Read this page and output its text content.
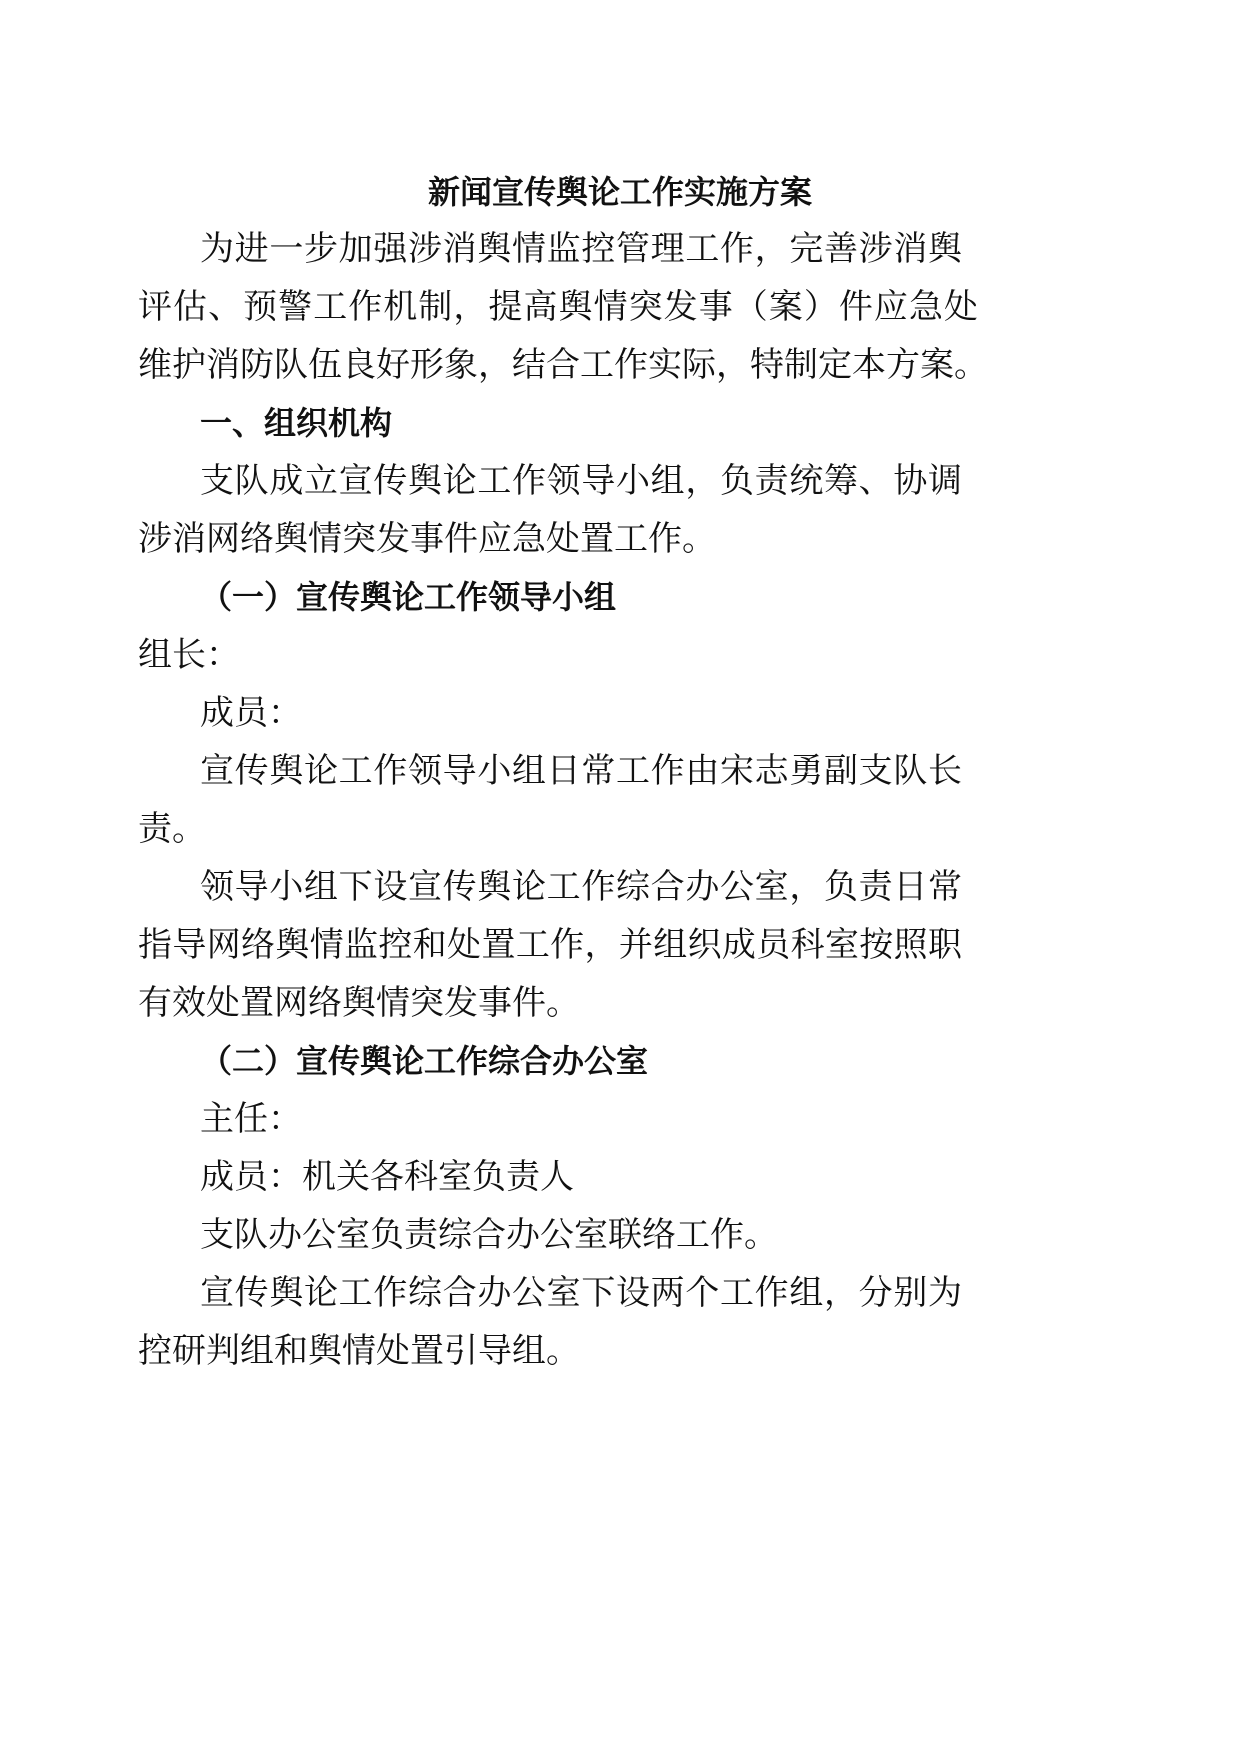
新闻宣传舆论工作实施方案
为进一步加强涉消舆情监控管理工作，完善涉消舆
评估、预警工作机制，提高舆情突发事（案）件应急处
维护消防队伍良好形象，结合工作实际，特制定本方案。
一、组织机构
支队成立宣传舆论工作领导小组，负责统筹、协调
涉消网络舆情突发事件应急处置工作。
（一）宣传舆论工作领导小组
组长：
成员：
宣传舆论工作领导小组日常工作由宋志勇副支队长
责。
领导小组下设宣传舆论工作综合办公室，负责日常
指导网络舆情监控和处置工作，并组织成员科室按照职
有效处置网络舆情突发事件。
（二）宣传舆论工作综合办公室
主任：
成员：机关各科室负责人
支队办公室负责综合办公室联络工作。
宣传舆论工作综合办公室下设两个工作组，分别为
控研判组和舆情处置引导组。
